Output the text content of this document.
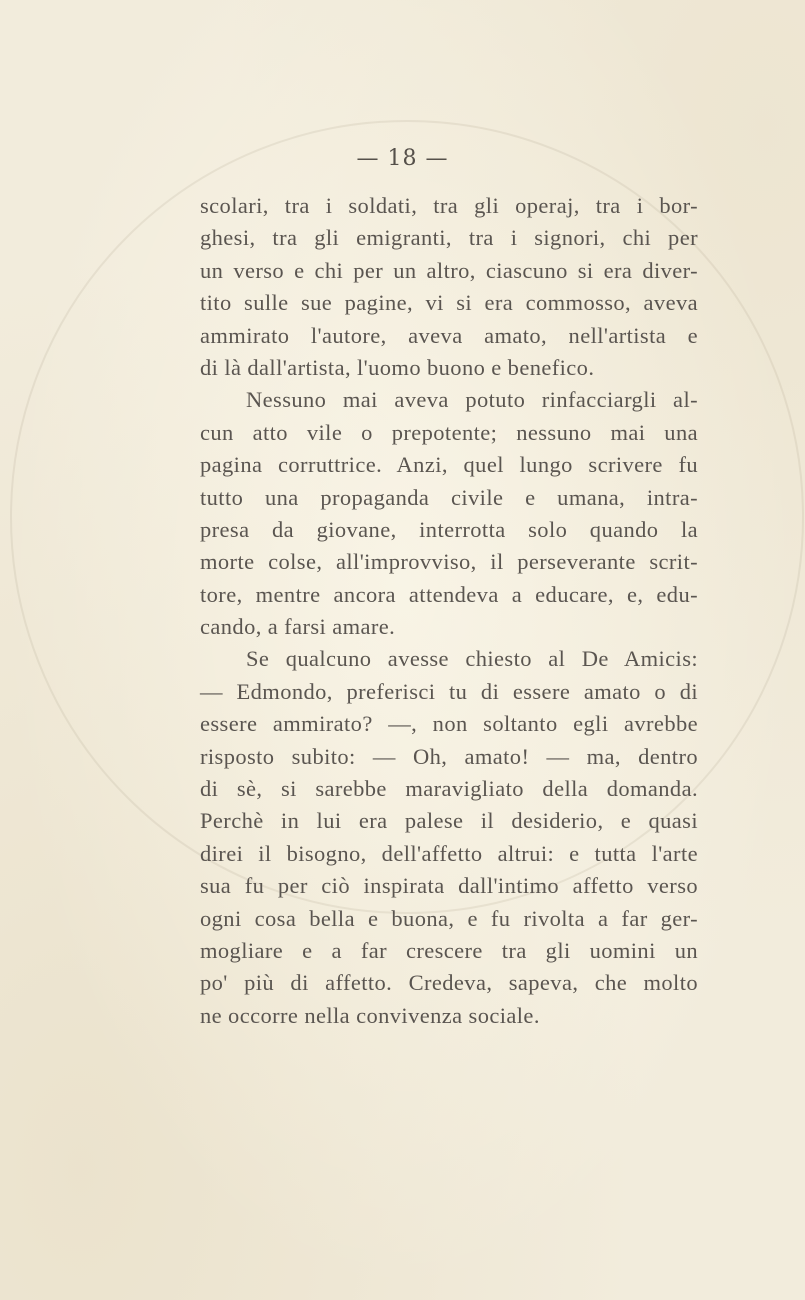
— 18 —
scolari, tra i soldati, tra gli operaj, tra i bor-
ghesi, tra gli emigranti, tra i signori, chi per
un verso e chi per un altro, ciascuno si era diver-
tito sulle sue pagine, vi si era commosso, aveva
ammirato l'autore, aveva amato, nell'artista e
di là dall'artista, l'uomo buono e benefico.
Nessuno mai aveva potuto rinfacciargli al-
cun atto vile o prepotente; nessuno mai una
pagina corruttrice. Anzi, quel lungo scrivere fu
tutto una propaganda civile e umana, intra-
presa da giovane, interrotta solo quando la
morte colse, all'improvviso, il perseverante scrit-
tore, mentre ancora attendeva a educare, e, edu-
cando, a farsi amare.
Se qualcuno avesse chiesto al De Amicis:
— Edmondo, preferisci tu di essere amato o di
essere ammirato? —, non soltanto egli avrebbe
risposto subito: — Oh, amato! — ma, dentro
di sè, si sarebbe maravigliato della domanda.
Perchè in lui era palese il desiderio, e quasi
direi il bisogno, dell'affetto altrui: e tutta l'arte
sua fu per ciò inspirata dall'intimo affetto verso
ogni cosa bella e buona, e fu rivolta a far ger-
mogliare e a far crescere tra gli uomini un
po' più di affetto. Credeva, sapeva, che molto
ne occorre nella convivenza sociale.
